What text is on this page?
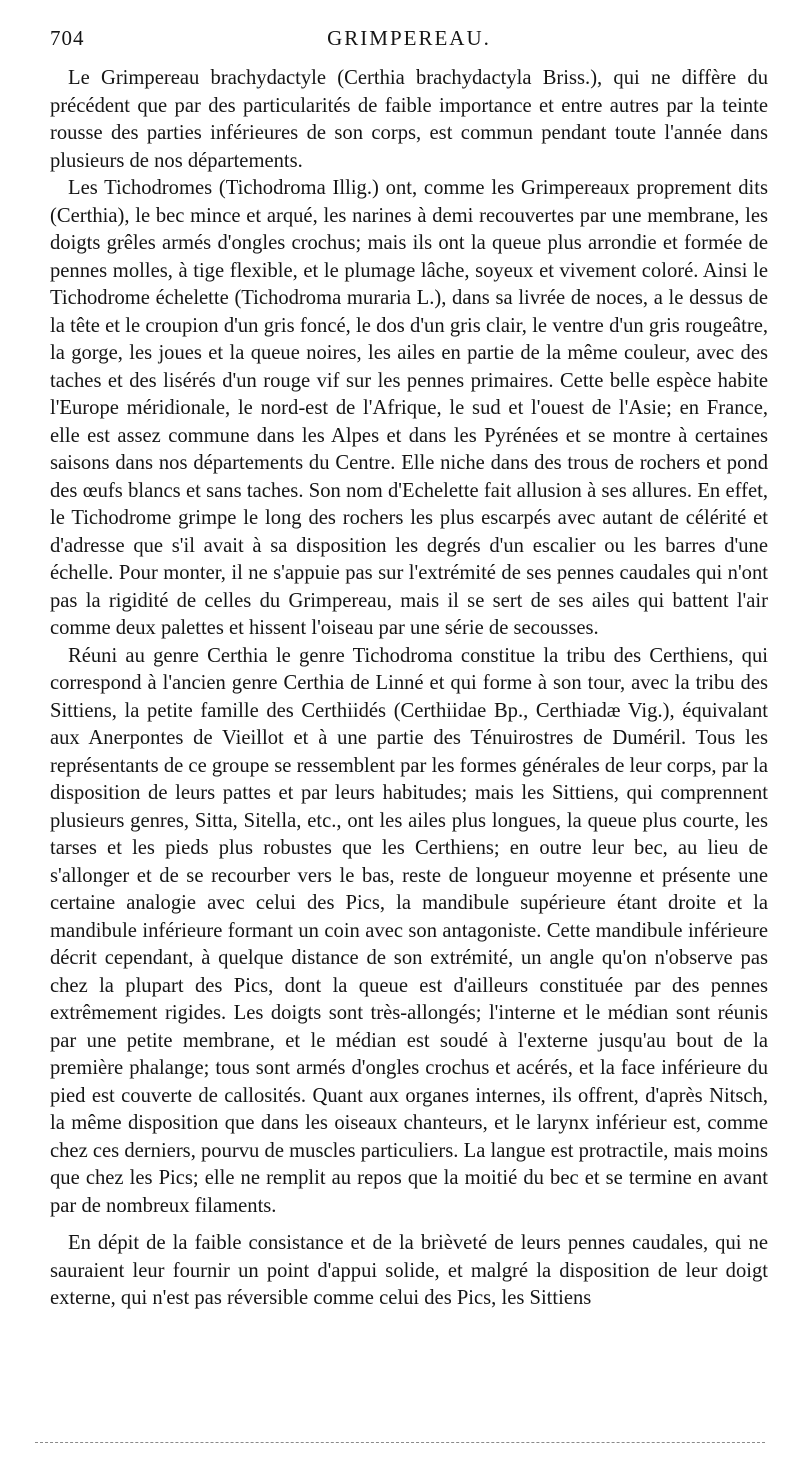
704	GRIMPEREAU.

Le Grimpereau brachydactyle (Certhia brachydactyla Briss.), qui ne diffère du précédent que par des particularités de faible importance et entre autres par la teinte rousse des parties inférieures de son corps, est commun pendant toute l'année dans plusieurs de nos départements.

Les Tichodromes (Tichodroma Illig.) ont, comme les Grimpereaux proprement dits (Certhia), le bec mince et arqué, les narines à demi recouvertes par une membrane, les doigts grêles armés d'ongles crochus; mais ils ont la queue plus arrondie et formée de pennes molles, à tige flexible, et le plumage lâche, soyeux et vivement coloré. Ainsi le Tichodrome échelette (Tichodroma muraria L.), dans sa livrée de noces, a le dessus de la tête et le croupion d'un gris foncé, le dos d'un gris clair, le ventre d'un gris rougeâtre, la gorge, les joues et la queue noires, les ailes en partie de la même couleur, avec des taches et des lisérés d'un rouge vif sur les pennes primaires. Cette belle espèce habite l'Europe méridionale, le nord-est de l'Afrique, le sud et l'ouest de l'Asie; en France, elle est assez commune dans les Alpes et dans les Pyrénées et se montre à certaines saisons dans nos départements du Centre. Elle niche dans des trous de rochers et pond des œufs blancs et sans taches. Son nom d'Echelette fait allusion à ses allures. En effet, le Tichodrome grimpe le long des rochers les plus escarpés avec autant de célérité et d'adresse que s'il avait à sa disposition les degrés d'un escalier ou les barres d'une échelle. Pour monter, il ne s'appuie pas sur l'extrémité de ses pennes caudales qui n'ont pas la rigidité de celles du Grimpereau, mais il se sert de ses ailes qui battent l'air comme deux palettes et hissent l'oiseau par une série de secousses.

Réuni au genre Certhia le genre Tichodroma constitue la tribu des Certhiens, qui correspond à l'ancien genre Certhia de Linné et qui forme à son tour, avec la tribu des Sittiens, la petite famille des Certhiidés (Certhiidae Bp., Certhiadæ Vig.), équivalant aux Anerpontes de Vieillot et à une partie des Ténuirostres de Duméril. Tous les représentants de ce groupe se ressemblent par les formes générales de leur corps, par la disposition de leurs pattes et par leurs habitudes; mais les Sittiens, qui comprennent plusieurs genres, Sitta, Sitella, etc., ont les ailes plus longues, la queue plus courte, les tarses et les pieds plus robustes que les Certhiens; en outre leur bec, au lieu de s'allonger et de se recourber vers le bas, reste de longueur moyenne et présente une certaine analogie avec celui des Pics, la mandibule supérieure étant droite et la mandibule inférieure formant un coin avec son antagoniste. Cette mandibule inférieure décrit cependant, à quelque distance de son extrémité, un angle qu'on n'observe pas chez la plupart des Pics, dont la queue est d'ailleurs constituée par des pennes extrêmement rigides. Les doigts sont très-allongés; l'interne et le médian sont réunis par une petite membrane, et le médian est soudé à l'externe jusqu'au bout de la première phalange; tous sont armés d'ongles crochus et acérés, et la face inférieure du pied est couverte de callosités. Quant aux organes internes, ils offrent, d'après Nitsch, la même disposition que dans les oiseaux chanteurs, et le larynx inférieur est, comme chez ces derniers, pourvu de muscles particuliers. La langue est protractile, mais moins que chez les Pics; elle ne remplit au repos que la moitié du bec et se termine en avant par de nombreux filaments.

En dépit de la faible consistance et de la brièveté de leurs pennes caudales, qui ne sauraient leur fournir un point d'appui solide, et malgré la disposition de leur doigt externe, qui n'est pas réversible comme celui des Pics, les Sittiens
